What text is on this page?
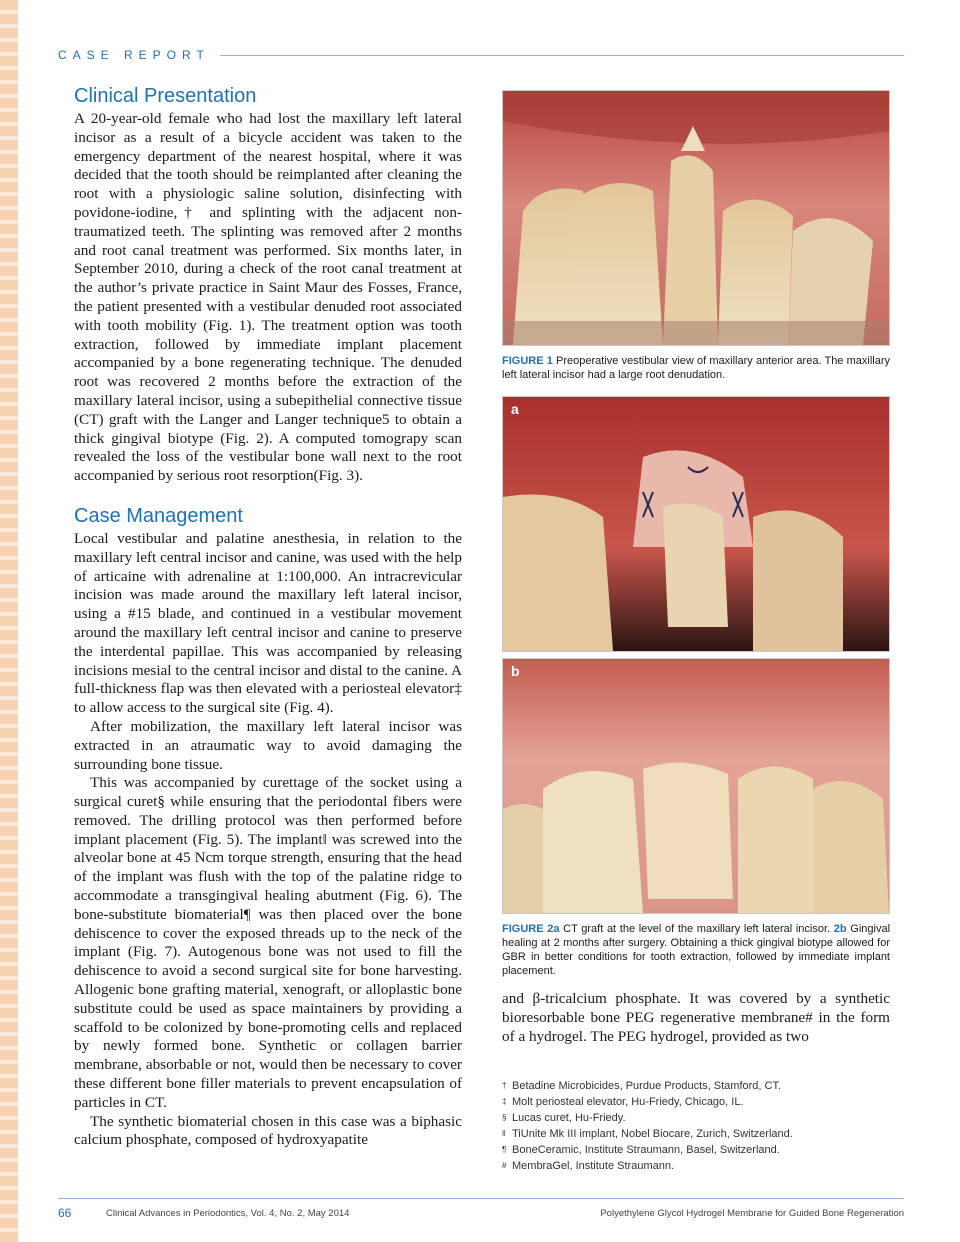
CASE REPORT
Clinical Presentation

A 20-year-old female who had lost the maxillary left lateral incisor as a result of a bicycle accident was taken to the emergency department of the nearest hospital, where it was decided that the tooth should be reimplanted after cleaning the root with a physiologic saline solution, disinfecting with povidone-iodine,† and splinting with the adjacent non-traumatized teeth. The splinting was removed after 2 months and root canal treatment was performed. Six months later, in September 2010, during a check of the root canal treatment at the author’s private practice in Saint Maur des Fosses, France, the patient presented with a vestibular denuded root associated with tooth mobility (Fig. 1). The treatment option was tooth extraction, followed by immediate implant placement accompanied by a bone regenerating technique. The denuded root was recovered 2 months before the extraction of the maxillary lateral incisor, using a subepithelial connective tissue (CT) graft with the Langer and Langer technique5 to obtain a thick gingival biotype (Fig. 2). A computed tomograpy scan revealed the loss of the vestibular bone wall next to the root accompanied by serious root resorption(Fig. 3).

Case Management

Local vestibular and palatine anesthesia, in relation to the maxillary left central incisor and canine, was used with the help of articaine with adrenaline at 1:100,000. An intracrevicular incision was made around the maxillary left lateral incisor, using a #15 blade, and continued in a vestibular movement around the maxillary left central incisor and canine to preserve the interdental papillae. This was accompanied by releasing incisions mesial to the central incisor and distal to the canine. A full-thickness flap was then elevated with a periosteal elevator‡ to allow access to the surgical site (Fig. 4).

After mobilization, the maxillary left lateral incisor was extracted in an atraumatic way to avoid damaging the surrounding bone tissue.

This was accompanied by curettage of the socket using a surgical curet§ while ensuring that the periodontal fibers were removed. The drilling protocol was then performed before implant placement (Fig. 5). The implant‖ was screwed into the alveolar bone at 45 Ncm torque strength, ensuring that the head of the implant was flush with the top of the palatine ridge to accommodate a transgingival healing abutment (Fig. 6). The bone-substitute biomaterial¶ was then placed over the bone dehiscence to cover the exposed threads up to the neck of the implant (Fig. 7). Autogenous bone was not used to fill the dehiscence to avoid a second surgical site for bone harvesting. Allogenic bone grafting material, xenograft, or alloplastic bone substitute could be used as space maintainers by providing a scaffold to be colonized by bone-promoting cells and replaced by newly formed bone. Synthetic or collagen barrier membrane, absorbable or not, would then be necessary to cover these different bone filler materials to prevent encapsulation of particles in CT.

The synthetic biomaterial chosen in this case was a biphasic calcium phosphate, composed of hydroxyapatite

FIGURE 1 Preoperative vestibular view of maxillary anterior area. The maxillary left lateral incisor had a large root denudation.
a
b
FIGURE 2a CT graft at the level of the maxillary left lateral incisor. 2b Gingival healing at 2 months after surgery. Obtaining a thick gingival biotype allowed for GBR in better conditions for tooth extraction, followed by immediate implant placement.

and β-tricalcium phosphate. It was covered by a synthetic bioresorbable bone PEG regenerative membrane# in the form of a hydrogel. The PEG hydrogel, provided as two

† Betadine Microbicides, Purdue Products, Stamford, CT.
‡ Molt periosteal elevator, Hu-Friedy, Chicago, IL.
§ Lucas curet, Hu-Friedy.
‖ TiUnite Mk III implant, Nobel Biocare, Zurich, Switzerland.
¶ BoneCeramic, Institute Straumann, Basel, Switzerland.
# MembraGel, Institute Straumann.
66	Clinical Advances in Periodontics, Vol. 4, No. 2, May 2014	Polyethylene Glycol Hydrogel Membrane for Guided Bone Regeneration
